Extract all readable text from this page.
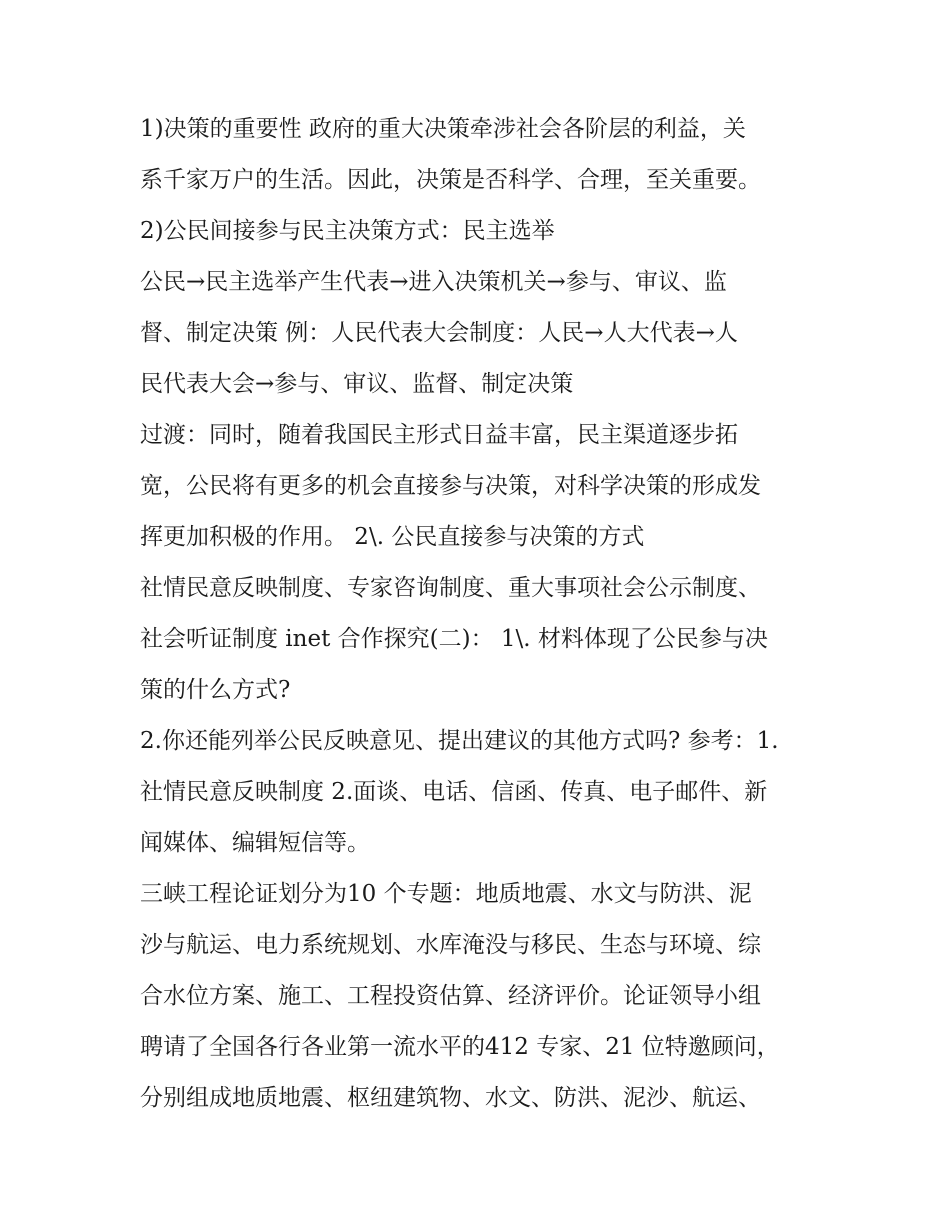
1)决策的重要性 政府的重大决策牵涉社会各阶层的利益，关
系千家万户的生活。因此，决策是否科学、合理，至关重要。
2)公民间接参与民主决策方式：民主选举
公民→民主选举产生代表→进入决策机关→参与、审议、监
督、制定决策 例：人民代表大会制度：人民→人大代表→人
民代表大会→参与、审议、监督、制定决策
过渡：同时，随着我国民主形式日益丰富，民主渠道逐步拓
宽，公民将有更多的机会直接参与决策，对科学决策的形成发
挥更加积极的作用。 2\. 公民直接参与决策的方式
社情民意反映制度、专家咨询制度、重大事项社会公示制度、
社会听证制度 inet 合作探究(二)： 1\. 材料体现了公民参与决
策的什么方式?
2.你还能列举公民反映意见、提出建议的其他方式吗? 参考：1.
社情民意反映制度 2.面谈、电话、信函、传真、电子邮件、新
闻媒体、编辑短信等。
三峡工程论证划分为10 个专题：地质地震、水文与防洪、泥
沙与航运、电力系统规划、水库淹没与移民、生态与环境、综
合水位方案、施工、工程投资估算、经济评价。论证领导小组
聘请了全国各行各业第一流水平的412 专家、21 位特邀顾问，
分别组成地质地震、枢纽建筑物、水文、防洪、泥沙、航运、
